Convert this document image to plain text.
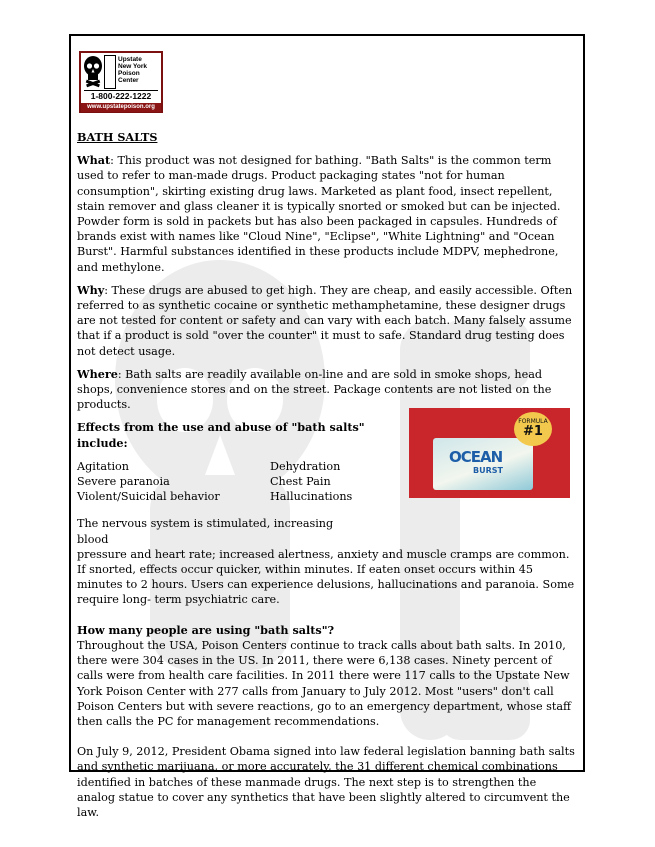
Upstate
New York
Poison
Center
1-800-222-1222
www.upstatepoison.org
OCEAN
BURST
FORMULA
#1

BATH SALTS

What: This product was not designed for bathing. "Bath Salts" is the common term used to refer to man-made drugs. Product packaging states "not for human consumption", skirting existing drug laws. Marketed as plant food, insect repellent, stain remover and glass cleaner it is typically snorted or smoked but can be injected. Powder form is sold in packets but has also been packaged in capsules. Hundreds of brands exist with names like "Cloud Nine", "Eclipse", "White Lightning" and "Ocean Burst". Harmful substances identified in these products include MDPV, mephedrone, and methylone.

Why: These drugs are abused to get high. They are cheap, and easily accessible. Often referred to as synthetic cocaine or synthetic methamphetamine, these designer drugs are not tested for content or safety and can vary with each batch. Many falsely assume that if a product is sold "over the counter" it must to safe. Standard drug testing does not detect usage.

Where: Bath salts are readily available on-line and are sold in smoke shops, head shops, convenience stores and on the street. Package contents are not listed on the products.

Effects from the use and abuse of "bath salts" include:

Agitation	Dehydration
Severe paranoia	Chest Pain
Violent/Suicidal behavior	Hallucinations

The nervous system is stimulated, increasing blood

pressure and heart rate; increased alertness, anxiety and muscle cramps are common. If snorted, effects occur quicker, within minutes. If eaten onset occurs within 45 minutes to 2 hours. Users can experience delusions, hallucinations and paranoia. Some require long- term psychiatric care.

How many people are using "bath salts"?
Throughout the USA, Poison Centers continue to track calls about bath salts. In 2010, there were 304 cases in the US. In 2011, there were 6,138 cases. Ninety percent of calls were from health care facilities. In 2011 there were 117 calls to the Upstate New York Poison Center with 277 calls from January to July 2012. Most "users" don't call Poison Centers but with severe reactions, go to an emergency department, whose staff then calls the PC for management recommendations.

On July 9, 2012, President Obama signed into law federal legislation banning bath salts and synthetic marijuana, or more accurately, the 31 different chemical combinations identified in batches of these manmade drugs. The next step is to strengthen the analog statue to cover any synthetics that have been slightly altered to circumvent the law.
